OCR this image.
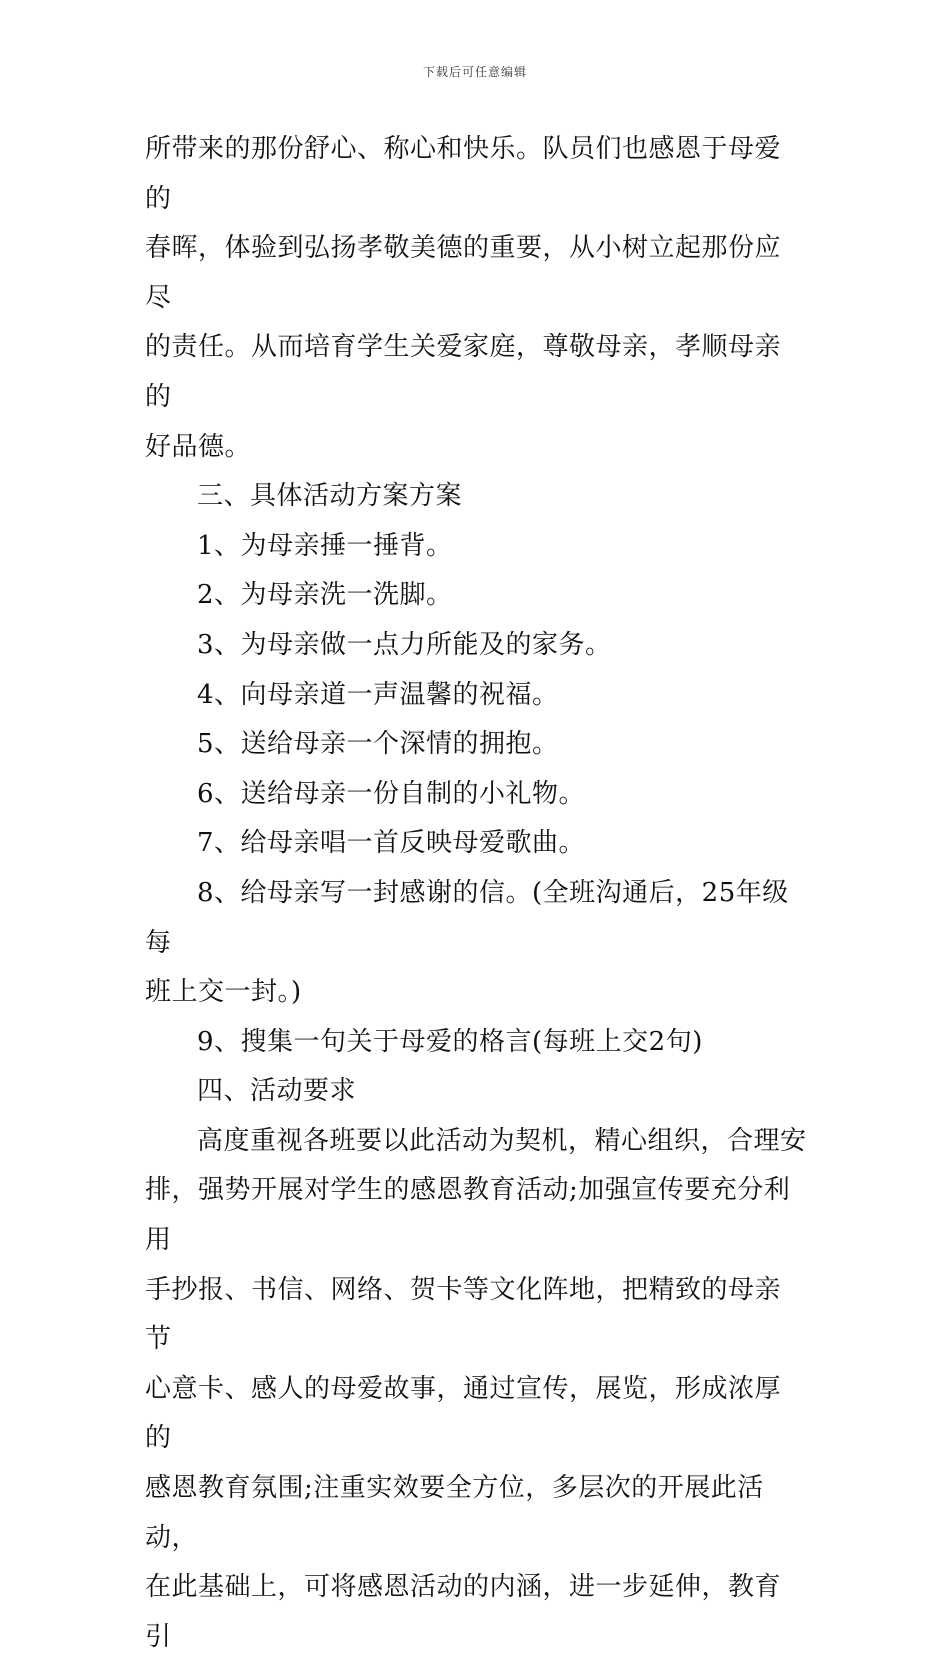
下载后可任意编辑

所带来的那份舒心、称心和快乐。队员们也感恩于母爱的
春晖，体验到弘扬孝敬美德的重要，从小树立起那份应尽
的责任。从而培育学生关爱家庭，尊敬母亲，孝顺母亲的
好品德。

三、具体活动方案方案

1、为母亲捶一捶背。

2、为母亲洗一洗脚。

3、为母亲做一点力所能及的家务。

4、向母亲道一声温馨的祝福。

5、送给母亲一个深情的拥抱。

6、送给母亲一份自制的小礼物。

7、给母亲唱一首反映母爱歌曲。

8、给母亲写一封感谢的信。(全班沟通后，25年级每
班上交一封。)

9、搜集一句关于母爱的格言(每班上交2句)

四、活动要求

高度重视各班要以此活动为契机，精心组织，合理安
排，强势开展对学生的感恩教育活动;加强宣传要充分利用
手抄报、书信、网络、贺卡等文化阵地，把精致的母亲节
心意卡、感人的母爱故事，通过宣传，展览，形成浓厚的
感恩教育氛围;注重实效要全方位，多层次的开展此活动，
在此基础上，可将感恩活动的内涵，进一步延伸，教育引
